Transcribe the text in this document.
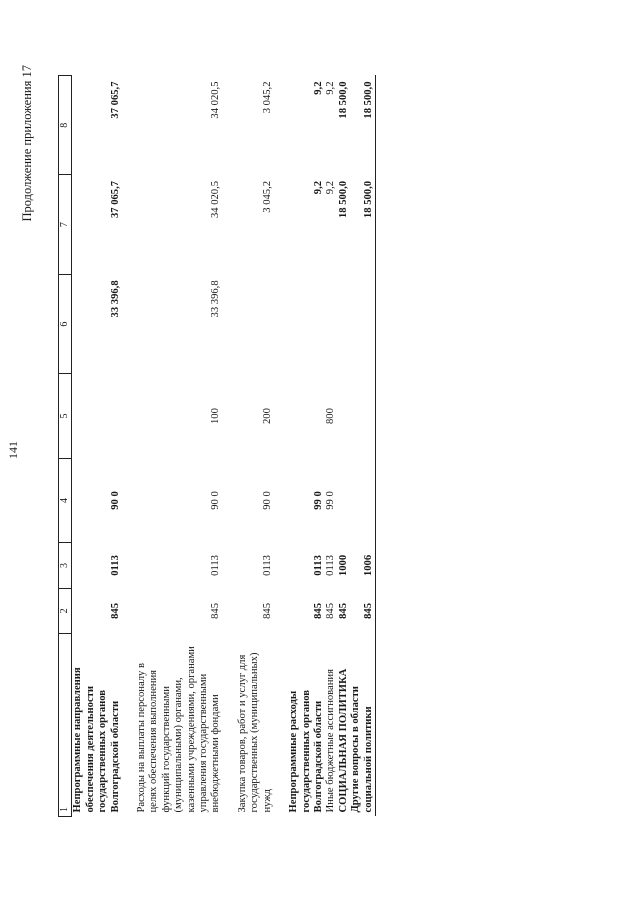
141
Продолжение приложения 17
1	2	3	4	5	6	7	8
Непрограммные направления обеспечения деятельности государственных органов Волгоградской области	845	0113	90 0		33 396,8	37 065,7	37 065,7

Расходы на выплаты персоналу в целях обеспечения выполнения функций государственными (муниципальными) органами, казенными учреждениями, органами управления государственными внебюджетными фондами	845	0113	90 0	100	33 396,8	34 020,5	34 020,5

Закупка товаров, работ и услуг для государственных (муниципальных) нужд	845	0113	90 0	200		3 045,2	3 045,2

Непрограммные расходы государственных органов Волгоградской области	845	0113	99 0			9,2	9,2
Иные бюджетные ассигнования	845	0113	99 0	800		9,2	9,2
СОЦИАЛЬНАЯ ПОЛИТИКА	845	1000				18 500,0	18 500,0
Другие вопросы в области социальной политики	845	1006				18 500,0	18 500,0
